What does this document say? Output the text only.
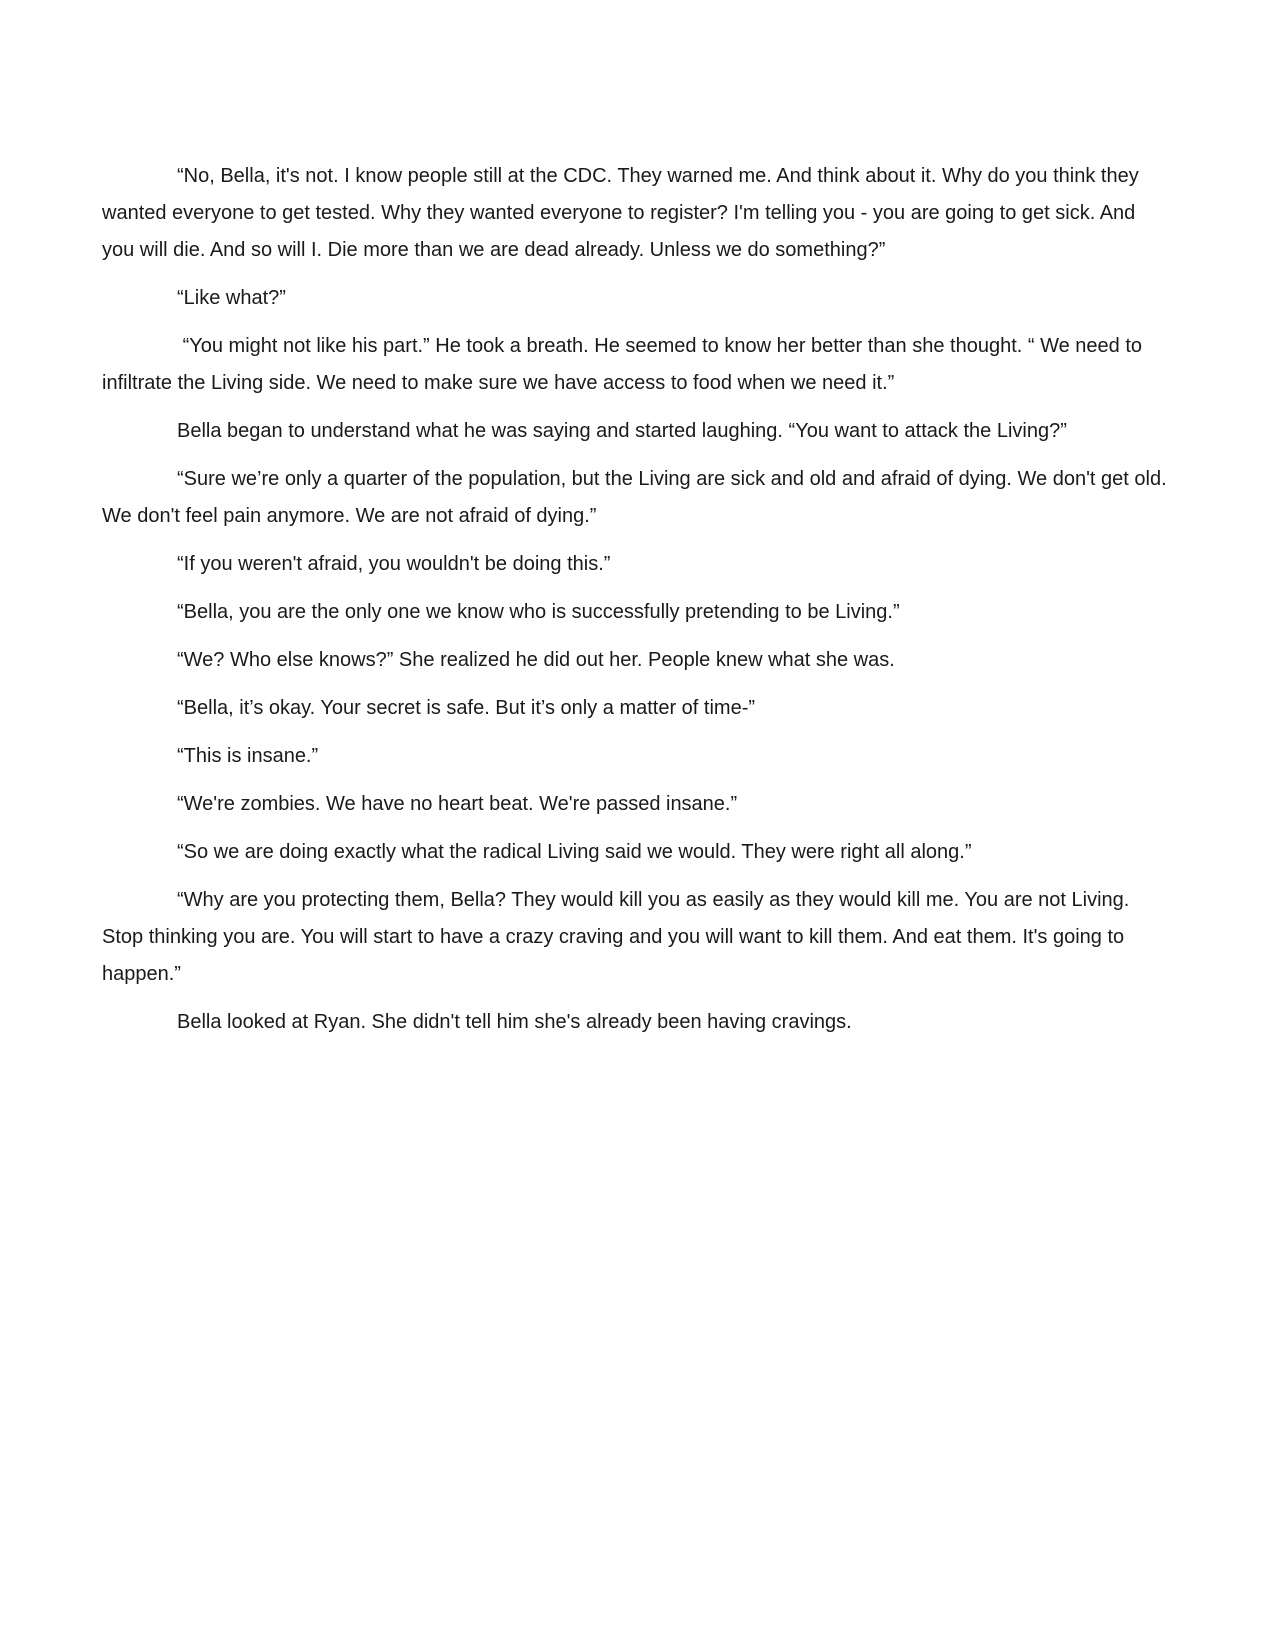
“No, Bella, it's not. I know people still at the CDC. They warned me. And think about it. Why do you think they wanted everyone to get tested. Why they wanted everyone to register? I'm telling you - you are going to get sick. And you will die. And so will I. Die more than we are dead already. Unless we do something?”

“Like what?”

“You might not like his part.” He took a breath. He seemed to know her better than she thought. “ We need to infiltrate the Living side. We need to make sure we have access to food when we need it.”

Bella began to understand what he was saying and started laughing. “You want to attack the Living?”

“Sure we’re only a quarter of the population, but the Living are sick and old and afraid of dying. We don't get old. We don't feel pain anymore. We are not afraid of dying.”

“If you weren't afraid, you wouldn't be doing this.”

“Bella, you are the only one we know who is successfully pretending to be Living.”

“We? Who else knows?” She realized he did out her. People knew what she was.

“Bella, it’s okay. Your secret is safe. But it’s only a matter of time-”

“This is insane.”

“We're zombies. We have no heart beat. We're passed insane.”

“So we are doing exactly what the radical Living said we would. They were right all along.”

“Why are you protecting them, Bella? They would kill you as easily as they would kill me. You are not Living. Stop thinking you are. You will start to have a crazy craving and you will want to kill them. And eat them. It's going to happen.”

Bella looked at Ryan. She didn't tell him she's already been having cravings.
